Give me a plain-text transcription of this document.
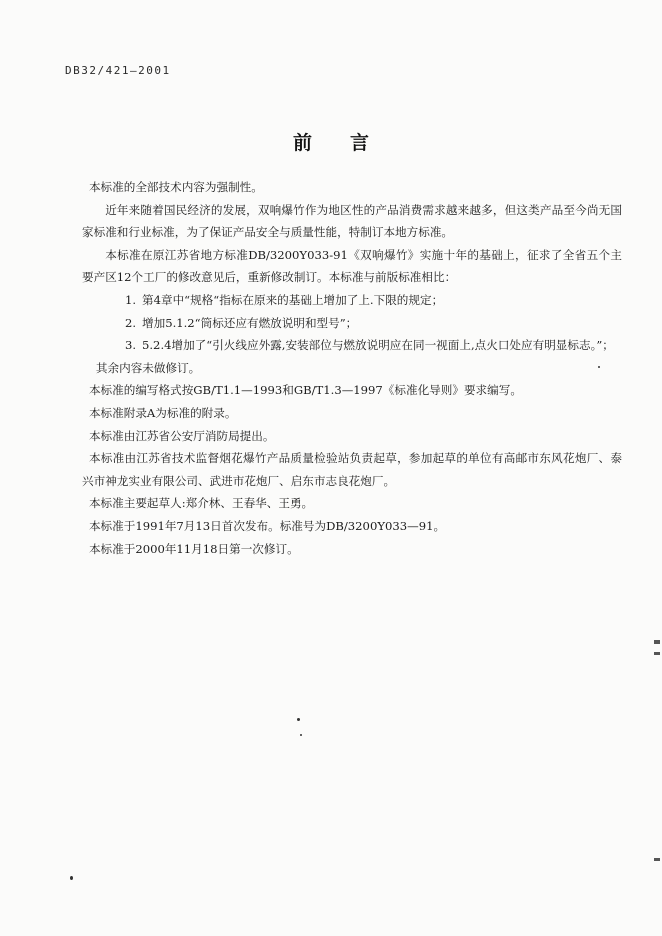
DB32/421—2001
前言

本标准的全部技术内容为强制性。

近年来随着国民经济的发展，双响爆竹作为地区性的产品消费需求越来越多，但这类产品至今尚无国家标准和行业标准，为了保证产品安全与质量性能，特制订本地方标准。

本标准在原江苏省地方标准DB/3200Y033-91《双响爆竹》实施十年的基础上，征求了全省五个主要产区12个工厂的修改意见后，重新修改制订。本标准与前版标准相比：

1. 第4章中“规格“指标在原来的基础上增加了上.下限的规定；

2. 增加5.1.2“筒标还应有燃放说明和型号”；

3. 5.2.4增加了“引火线应外露,安装部位与燃放说明应在同一视面上,点火口处应有明显标志。”；

其余内容未做修订。

本标准的编写格式按GB/T1.1—1993和GB/T1.3—1997《标准化导则》要求编写。

本标准附录A为标准的附录。

本标准由江苏省公安厅消防局提出。

本标准由江苏省技术监督烟花爆竹产品质量检验站负责起草，参加起草的单位有高邮市东风花炮厂、泰兴市神龙实业有限公司、武进市花炮厂、启东市志良花炮厂。

本标准主要起草人:郑介林、王春华、王勇。

本标准于1991年7月13日首次发布。标准号为DB/3200Y033—91。

本标准于2000年11月18日第一次修订。
